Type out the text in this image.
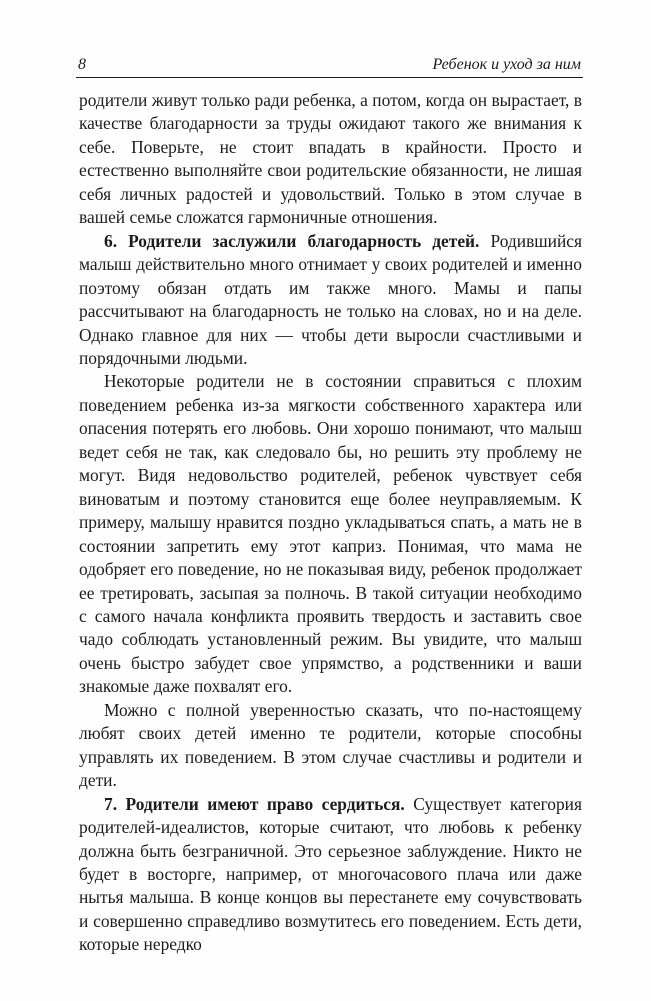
8	Ребенок и уход за ним

родители живут только ради ребенка, а потом, когда он вырастает, в качестве благодарности за труды ожидают такого же внимания к себе. Поверьте, не стоит впадать в крайности. Просто и естественно выполняйте свои родительские обязанности, не лишая себя личных радостей и удовольствий. Только в этом случае в вашей семье сложатся гармоничные отношения.

6. Родители заслужили благодарность детей. Родившийся малыш действительно много отнимает у своих родителей и именно поэтому обязан отдать им также много. Мамы и папы рассчитывают на благодарность не только на словах, но и на деле. Однако главное для них — чтобы дети выросли счастливыми и порядочными людьми.

Некоторые родители не в состоянии справиться с плохим поведением ребенка из-за мягкости собственного характера или опасения потерять его любовь. Они хорошо понимают, что малыш ведет себя не так, как следовало бы, но решить эту проблему не могут. Видя недовольство родителей, ребенок чувствует себя виноватым и поэтому становится еще более неуправляемым. К примеру, малышу нравится поздно укладываться спать, а мать не в состоянии запретить ему этот каприз. Понимая, что мама не одобряет его поведение, но не показывая виду, ребенок продолжает ее третировать, засыпая за полночь. В такой ситуации необходимо с самого начала конфликта проявить твердость и заставить свое чадо соблюдать установленный режим. Вы увидите, что малыш очень быстро забудет свое упрямство, а родственники и ваши знакомые даже похвалят его.

Можно с полной уверенностью сказать, что по-настоящему любят своих детей именно те родители, которые способны управлять их поведением. В этом случае счастливы и родители и дети.

7. Родители имеют право сердиться. Существует категория родителей-идеалистов, которые считают, что любовь к ребенку должна быть безграничной. Это серьезное заблуждение. Никто не будет в восторге, например, от многочасового плача или даже нытья малыша. В конце концов вы перестанете ему сочувствовать и совершенно справедливо возмутитесь его поведением. Есть дети, которые нередко
